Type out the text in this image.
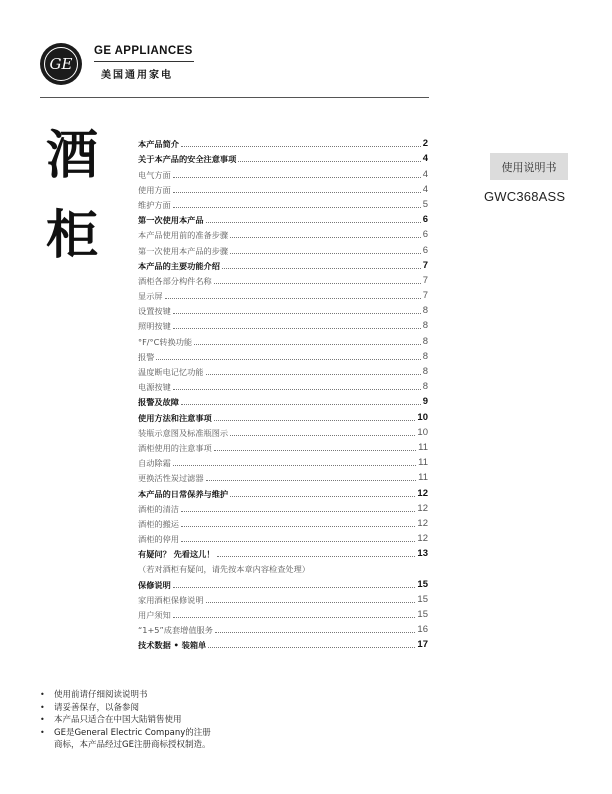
GE
GE APPLIANCES
美国通用家电
酒
柜
使用说明书
GWC368ASS
本产品简介	2
关于本产品的安全注意事项	4
电气方面	4
使用方面	4
维护方面	5
第一次使用本产品	6
本产品使用前的准备步骤	6
第一次使用本产品的步骤	6
本产品的主要功能介绍	7
酒柜各部分构件名称	7
显示屏	7
设置按键	8
照明按键	8
°F/°C转换功能	8
报警	8
温度断电记忆功能	8
电源按键	8
报警及故障	9
使用方法和注意事项	10
装瓶示意图及标准瓶图示	10
酒柜使用的注意事项	11
自动除霜	11
更换活性炭过滤器	11
本产品的日常保养与维护	12
酒柜的清洁	12
酒柜的搬运	12
酒柜的停用	12
有疑问？ 先看这儿！	13
（若对酒柜有疑问，请先按本章内容检查处理）
保修说明	15
家用酒柜保修说明	15
用户须知	15
“1+5”成套增值服务	16
技术数据 • 装箱单	17
•	使用前请仔细阅读说明书
•	请妥善保存，以备参阅
•	本产品只适合在中国大陆销售使用
•	GE是General Electric Company的注册
商标，本产品经过GE注册商标授权制造。
